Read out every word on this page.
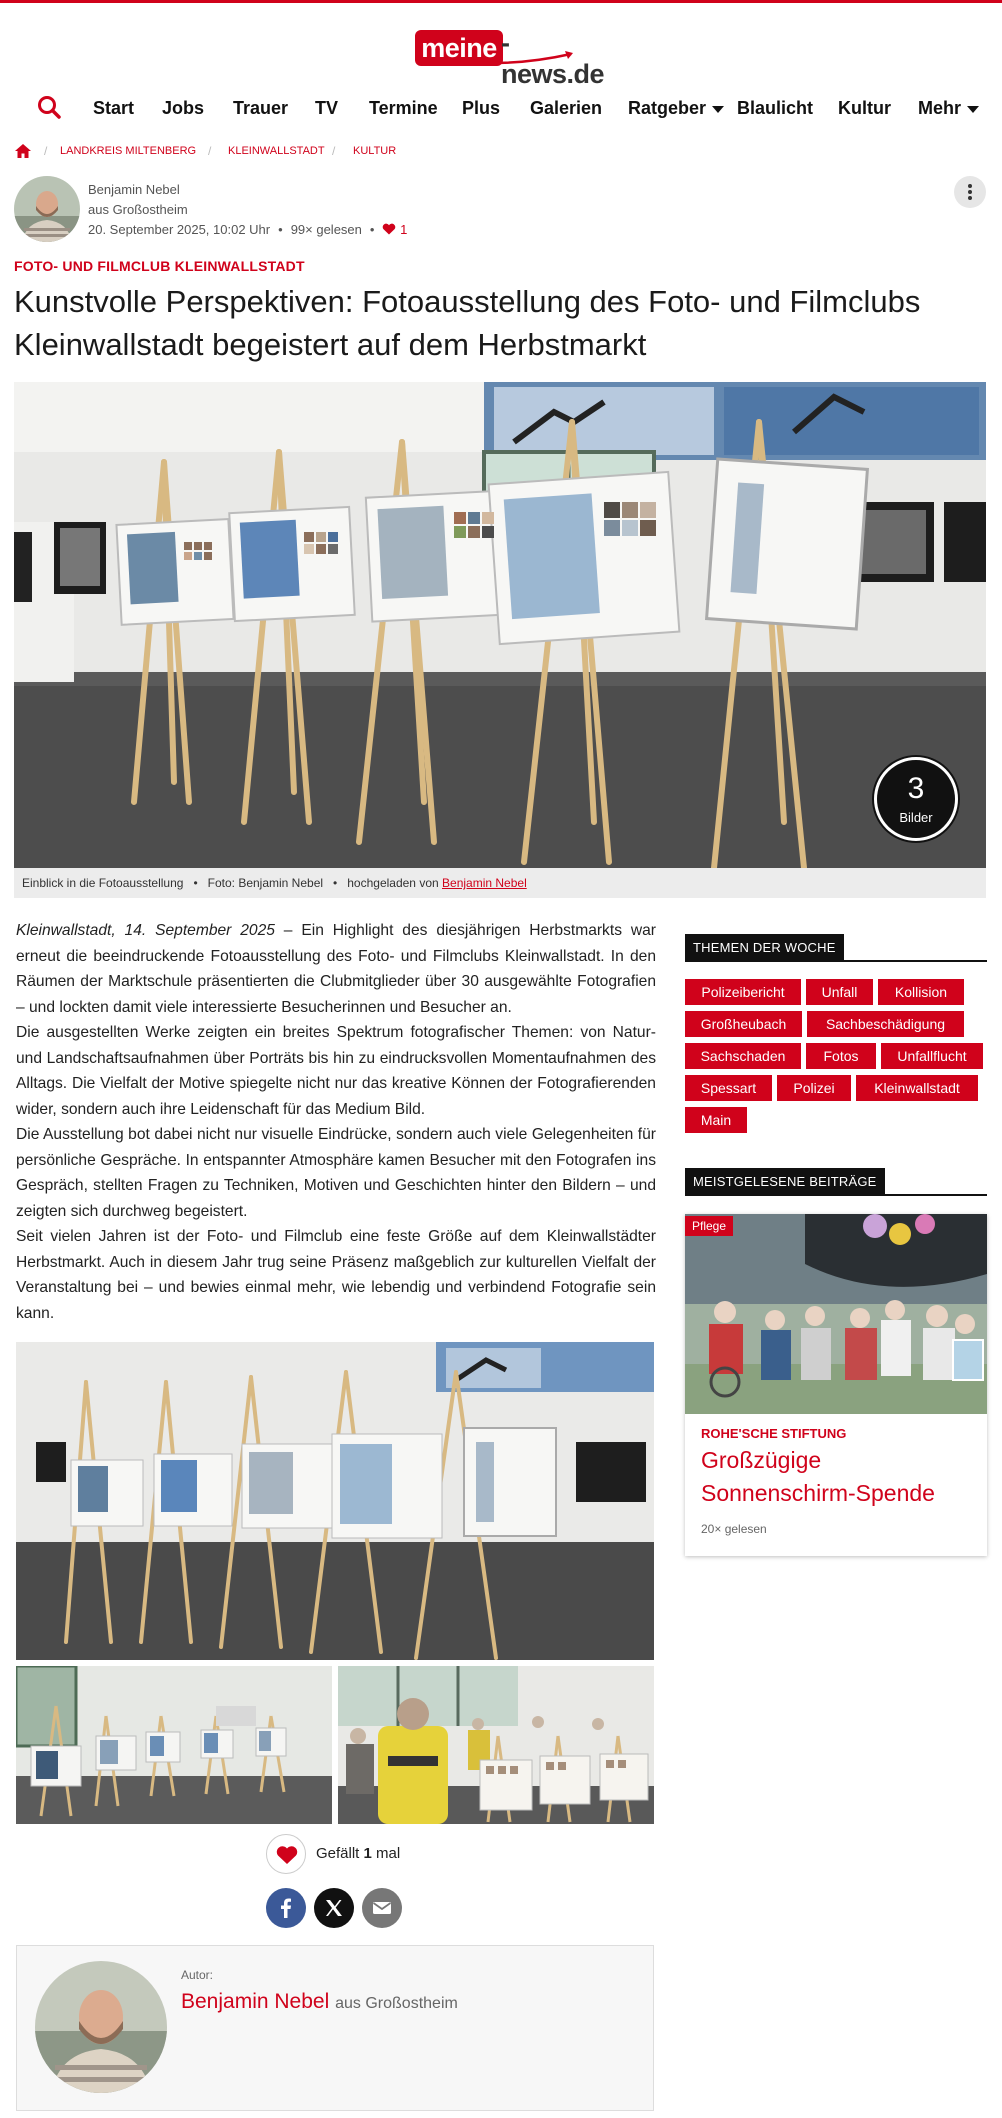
meine -news.de
Start Jobs Trauer TV Termine Plus Galerien Ratgeber	Blaulicht Kultur Mehr
/ LANDKREIS MILTENBERG / KLEINWALLSTADT / KULTUR
Benjamin Nebel
aus Großostheim
20. September 2025, 10:02 Uhr • 99× gelesen • 1
FOTO- UND FILMCLUB KLEINWALLSTADT
Kunstvolle Perspektiven: Fotoausstellung des Foto- und Filmclubs Kleinwallstadt begeistert auf dem Herbstmarkt
3
Bilder
Einblick in die Fotoausstellung • Foto: Benjamin Nebel • hochgeladen von Benjamin Nebel

Kleinwallstadt, 14. September 2025 – Ein Highlight des diesjährigen Herbstmarkts war erneut die beeindruckende Fotoausstellung des Foto- und Filmclubs Kleinwallstadt. In den Räumen der Marktschule präsentierten die Clubmitglieder über 30 ausgewählte Fotografien – und lockten damit viele interessierte Besucherinnen und Besucher an.

Die ausgestellten Werke zeigten ein breites Spektrum fotografischer Themen: von Natur- und Landschaftsaufnahmen über Porträts bis hin zu eindrucksvollen Momentaufnahmen des Alltags. Die Vielfalt der Motive spiegelte nicht nur das kreative Können der Fotografierenden wider, sondern auch ihre Leidenschaft für das Medium Bild.

Die Ausstellung bot dabei nicht nur visuelle Eindrücke, sondern auch viele Gelegenheiten für persönliche Gespräche. In entspannter Atmosphäre kamen Besucher mit den Fotografen ins Gespräch, stellten Fragen zu Techniken, Motiven und Geschichten hinter den Bildern – und zeigten sich durchweg begeistert.

Seit vielen Jahren ist der Foto- und Filmclub eine feste Größe auf dem Kleinwallstädter Herbstmarkt. Auch in diesem Jahr trug seine Präsenz maßgeblich zur kulturellen Vielfalt der Veranstaltung bei – und bewies einmal mehr, wie lebendig und verbindend Fotografie sein kann.

Gefällt 1 mal
Autor:
Benjamin Nebel aus Großostheim
THEMEN DER WOCHE
Polizeibericht	Unfall	Kollision
Großheubach	Sachbeschädigung
Sachschaden	Fotos	Unfallflucht
Spessart	Polizei	Kleinwallstadt
Main
MEISTGELESENE BEITRÄGE
Pflege
ROHE'SCHE STIFTUNG
Großzügige Sonnenschirm-Spende
20× gelesen
